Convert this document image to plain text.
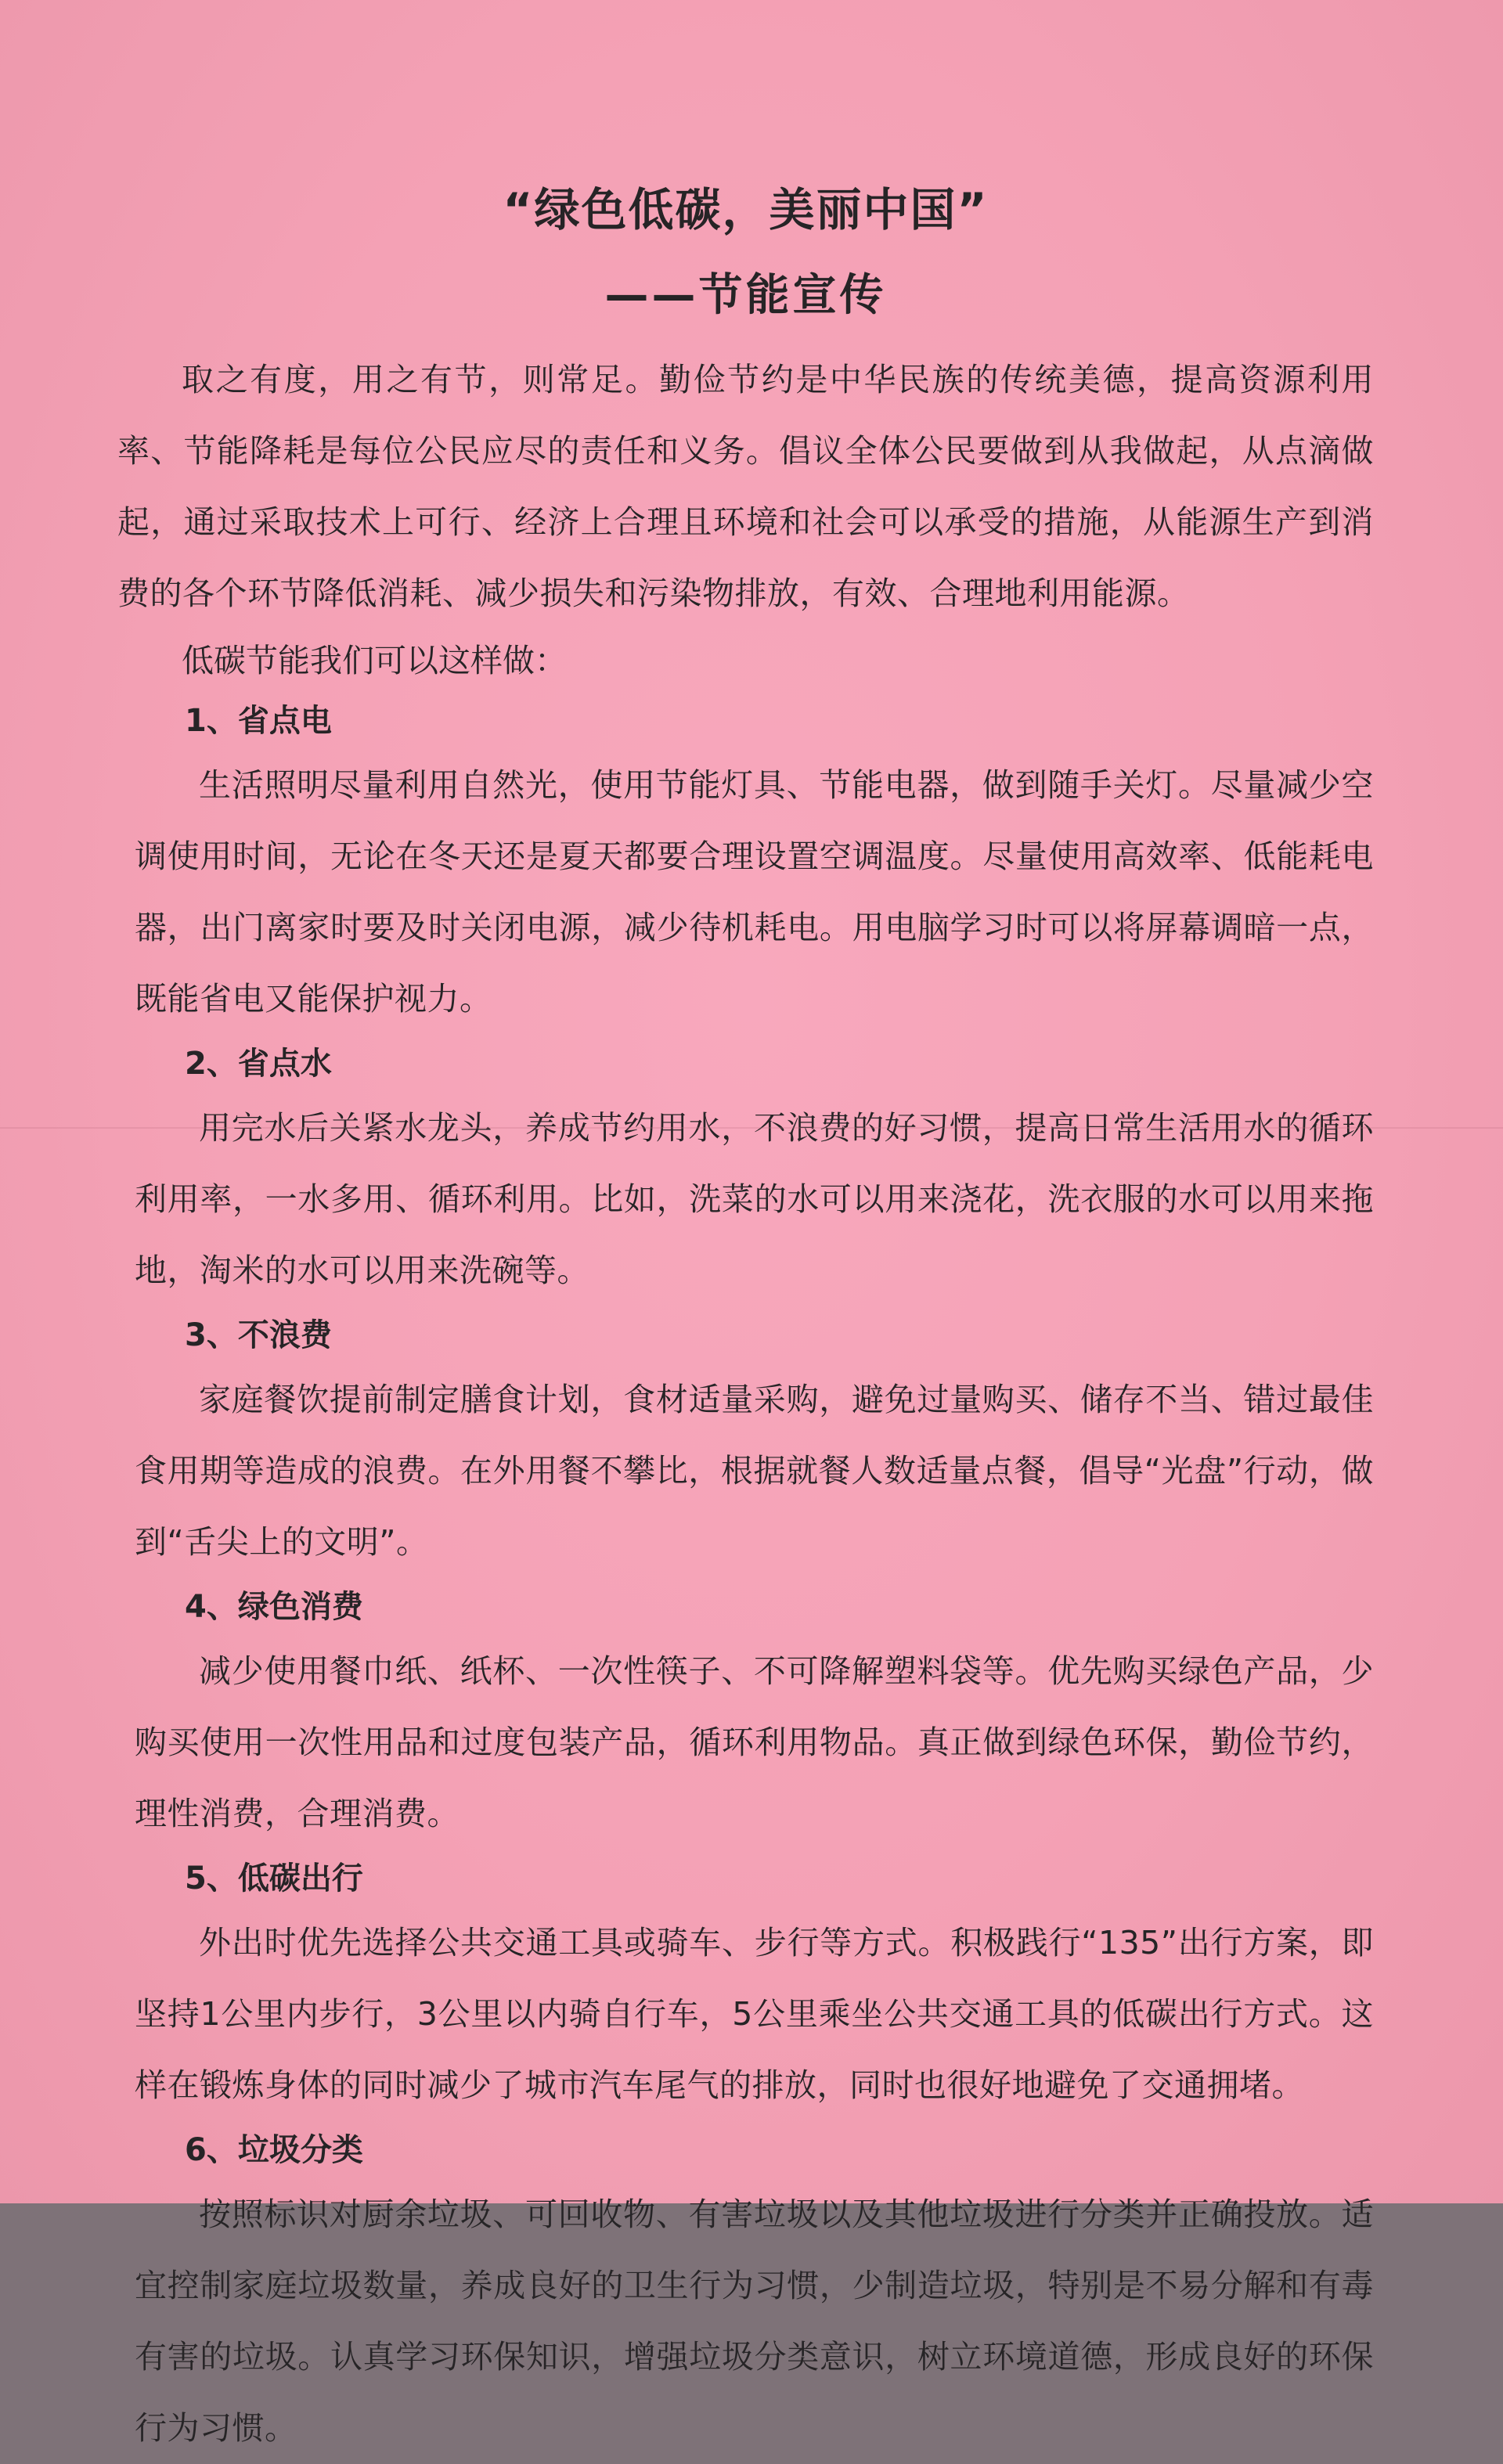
“绿色低碳，美丽中国”
——节能宣传

取之有度，用之有节，则常足。勤俭节约是中华民族的传统美德，提高资源利用率、节能降耗是每位公民应尽的责任和义务。倡议全体公民要做到从我做起，从点滴做起，通过采取技术上可行、经济上合理且环境和社会可以承受的措施，从能源生产到消费的各个环节降低消耗、减少损失和污染物排放，有效、合理地利用能源。

低碳节能我们可以这样做：

1、省点电

生活照明尽量利用自然光，使用节能灯具、节能电器，做到随手关灯。尽量减少空调使用时间，无论在冬天还是夏天都要合理设置空调温度。尽量使用高效率、低能耗电器，出门离家时要及时关闭电源，减少待机耗电。用电脑学习时可以将屏幕调暗一点，既能省电又能保护视力。

2、省点水

用完水后关紧水龙头，养成节约用水，不浪费的好习惯，提高日常生活用水的循环利用率，一水多用、循环利用。比如，洗菜的水可以用来浇花，洗衣服的水可以用来拖地，淘米的水可以用来洗碗等。

3、不浪费

家庭餐饮提前制定膳食计划，食材适量采购，避免过量购买、储存不当、错过最佳食用期等造成的浪费。在外用餐不攀比，根据就餐人数适量点餐，倡导“光盘”行动，做到“舌尖上的文明”。

4、绿色消费

减少使用餐巾纸、纸杯、一次性筷子、不可降解塑料袋等。优先购买绿色产品，少购买使用一次性用品和过度包装产品，循环利用物品。真正做到绿色环保，勤俭节约，理性消费，合理消费。

5、低碳出行

外出时优先选择公共交通工具或骑车、步行等方式。积极践行“135”出行方案，即坚持1公里内步行，3公里以内骑自行车，5公里乘坐公共交通工具的低碳出行方式。这样在锻炼身体的同时减少了城市汽车尾气的排放，同时也很好地避免了交通拥堵。

6、垃圾分类

按照标识对厨余垃圾、可回收物、有害垃圾以及其他垃圾进行分类并正确投放。适宜控制家庭垃圾数量，养成良好的卫生行为习惯，少制造垃圾，特别是不易分解和有毒有害的垃圾。认真学习环保知识，增强垃圾分类意识，树立环境道德，形成良好的环保行为习惯。
